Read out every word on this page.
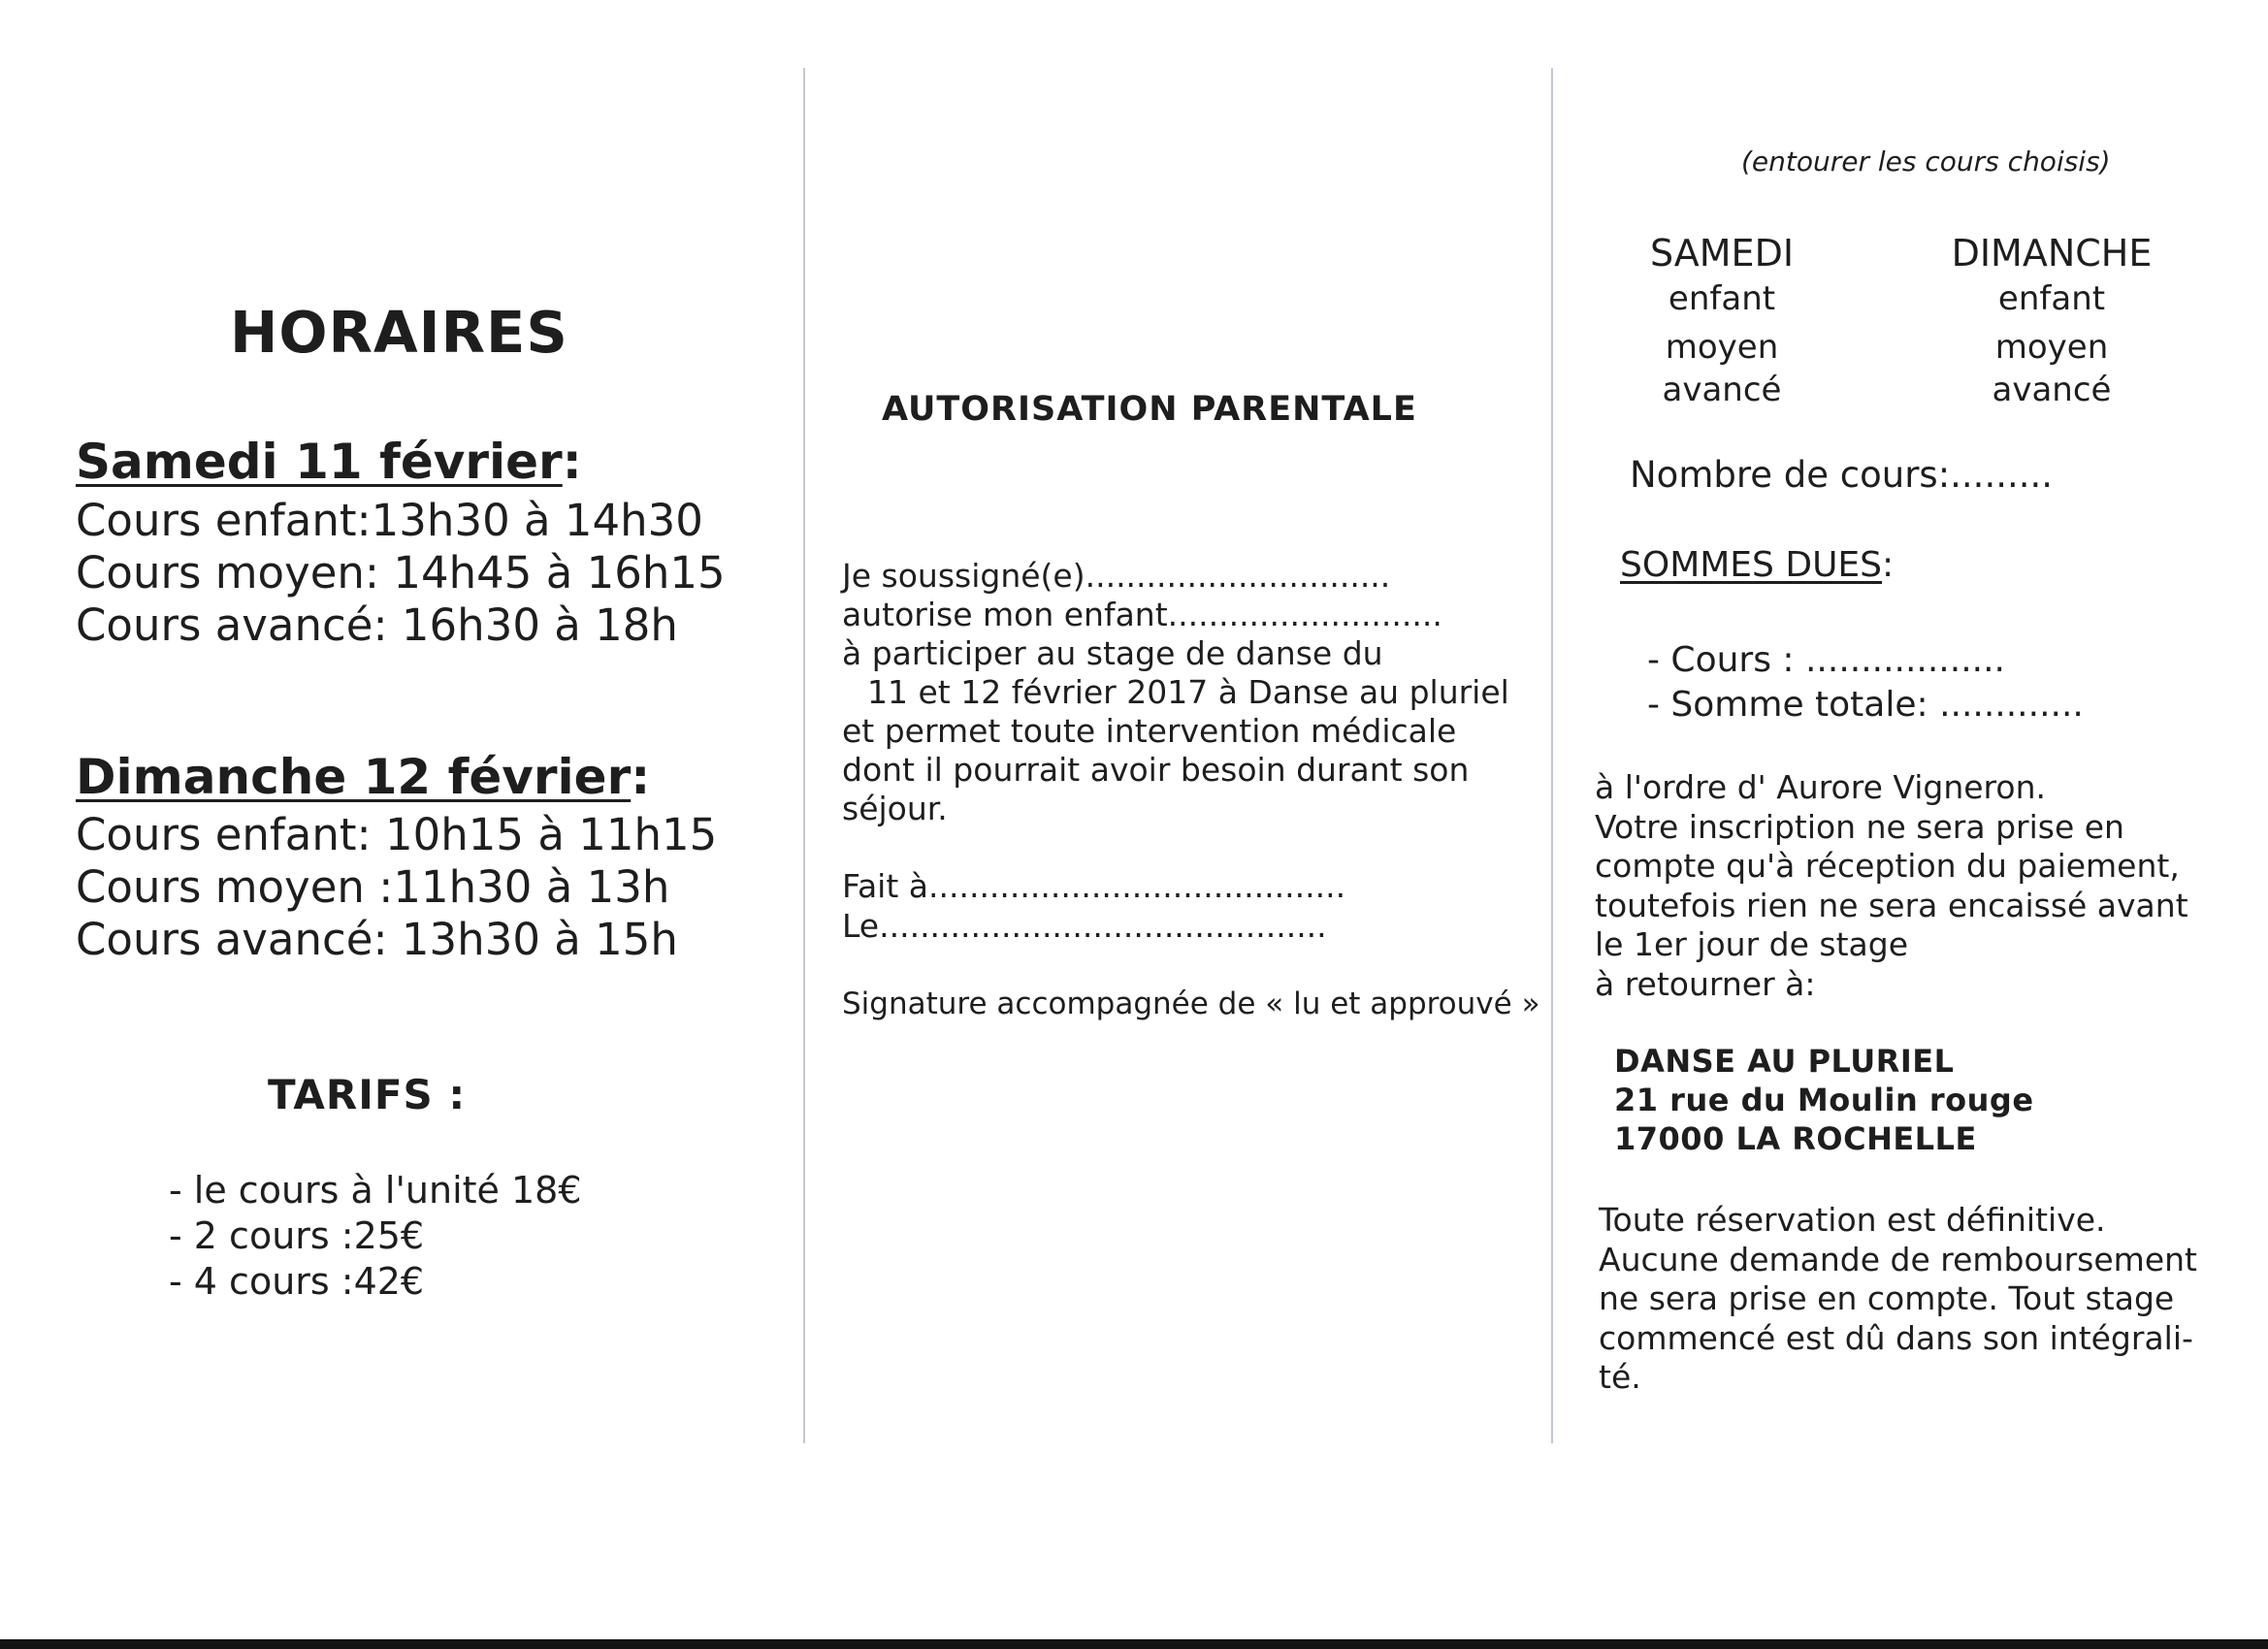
HORAIRES
Samedi 11 février:
Cours enfant:13h30 à 14h30
Cours moyen: 14h45 à 16h15
Cours avancé: 16h30 à 18h
Dimanche 12 février:
Cours enfant: 10h15 à 11h15
Cours moyen :11h30 à 13h
Cours avancé: 13h30 à 15h
TARIFS :
- le cours à l'unité 18€
- 2 cours :25€
- 4 cours :42€
AUTORISATION PARENTALE
Je soussigné(e)..............................
autorise mon enfant...........................
à participer au stage de danse du
11 et 12 février 2017 à Danse au pluriel
et permet toute intervention médicale
dont il pourrait avoir besoin durant son
séjour.
Fait à.........................................
Le............................................
Signature accompagnée de « lu et approuvé »
(entourer les cours choisis)
SAMEDI
enfant
moyen
avancé
DIMANCHE
enfant
moyen
avancé
Nombre de cours:.........
SOMMES DUES:
- Cours : ..................
- Somme totale: .............
à l'ordre d' Aurore Vigneron.
Votre inscription ne sera prise en
compte qu'à réception du paiement,
toutefois rien ne sera encaissé avant
le 1er jour de stage
à retourner à:
DANSE AU PLURIEL
21 rue du Moulin rouge
17000 LA ROCHELLE
Toute réservation est définitive.
Aucune demande de remboursement
ne sera prise en compte. Tout stage
commencé est dû dans son intégrali-
té.
